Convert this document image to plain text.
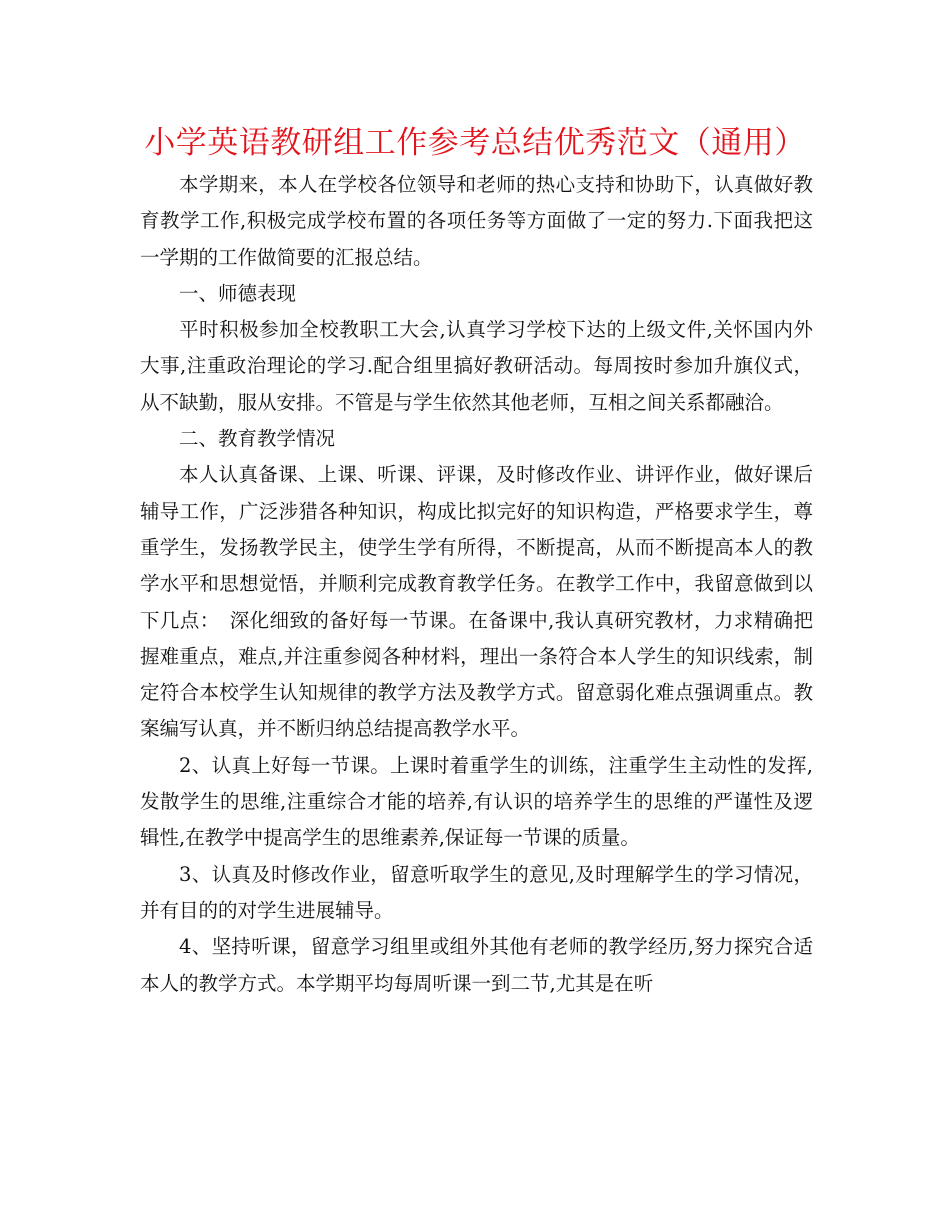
小学英语教研组工作参考总结优秀范文（通用）

本学期来，本人在学校各位领导和老师的热心支持和协助下，认真做好教育教学工作,积极完成学校布置的各项任务等方面做了一定的努力.下面我把这一学期的工作做简要的汇报总结。

一、师德表现

平时积极参加全校教职工大会,认真学习学校下达的上级文件,关怀国内外大事,注重政治理论的学习.配合组里搞好教研活动。每周按时参加升旗仪式，从不缺勤，服从安排。不管是与学生依然其他老师，互相之间关系都融洽。

二、教育教学情况

本人认真备课、上课、听课、评课，及时修改作业、讲评作业，做好课后辅导工作，广泛涉猎各种知识，构成比拟完好的知识构造，严格要求学生，尊重学生，发扬教学民主，使学生学有所得，不断提高，从而不断提高本人的教学水平和思想觉悟，并顺利完成教育教学任务。在教学工作中，我留意做到以下几点：　深化细致的备好每一节课。在备课中,我认真研究教材，力求精确把握难重点，难点,并注重参阅各种材料，理出一条符合本人学生的知识线索，制定符合本校学生认知规律的教学方法及教学方式。留意弱化难点强调重点。教案编写认真，并不断归纳总结提高教学水平。

2、认真上好每一节课。上课时着重学生的训练，注重学生主动性的发挥,发散学生的思维,注重综合才能的培养,有认识的培养学生的思维的严谨性及逻辑性,在教学中提高学生的思维素养,保证每一节课的质量。

3、认真及时修改作业，留意听取学生的意见,及时理解学生的学习情况，并有目的的对学生进展辅导。

4、坚持听课，留意学习组里或组外其他有老师的教学经历,努力探究合适本人的教学方式。本学期平均每周听课一到二节,尤其是在听
